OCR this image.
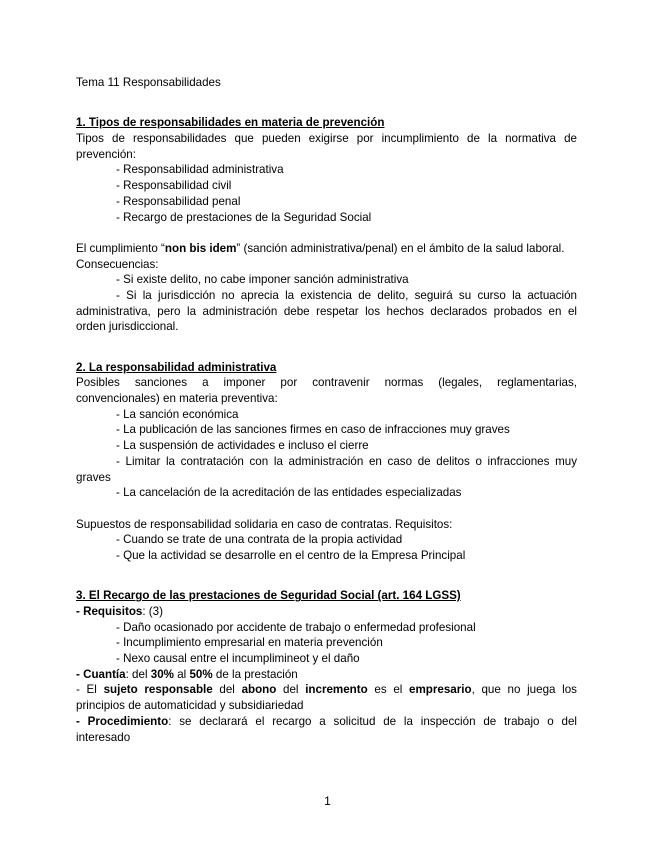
Tema 11 Responsabilidades
1. Tipos de responsabilidades en materia de prevención
Tipos de responsabilidades que pueden exigirse por incumplimiento de la normativa de
prevención:
- Responsabilidad administrativa
- Responsabilidad civil
- Responsabilidad penal
- Recargo de prestaciones de la Seguridad Social
El cumplimiento “non bis idem” (sanción administrativa/penal) en el ámbito de la salud laboral.
Consecuencias:
- Si existe delito, no cabe imponer sanción administrativa
- Si la jurisdicción no aprecia la existencia de delito, seguirá su curso la actuación
administrativa, pero la administración debe respetar los hechos declarados probados en el
orden jurisdiccional.
2. La responsabilidad administrativa
Posibles sanciones a imponer por contravenir normas (legales, reglamentarias,
convencionales) en materia preventiva:
- La sanción económica
- La publicación de las sanciones firmes en caso de infracciones muy graves
- La suspensión de actividades e incluso el cierre
- Limitar la contratación con la administración en caso de delitos o infracciones muy
graves
- La cancelación de la acreditación de las entidades especializadas
Supuestos de responsabilidad solidaria en caso de contratas. Requisitos:
- Cuando se trate de una contrata de la propia actividad
- Que la actividad se desarrolle en el centro de la Empresa Principal
3. El Recargo de las prestaciones de Seguridad Social (art. 164 LGSS)
- Requisitos: (3)
- Daño ocasionado por accidente de trabajo o enfermedad profesional
- Incumplimiento empresarial en materia prevención
- Nexo causal entre el incumplimineot y el daño
- Cuantía: del 30% al 50% de la prestación
- El sujeto responsable del abono del incremento es el empresario, que no juega los
principios de automaticidad y subsidiariedad
- Procedimiento: se declarará el recargo a solicitud de la inspección de trabajo o del
interesado
1
